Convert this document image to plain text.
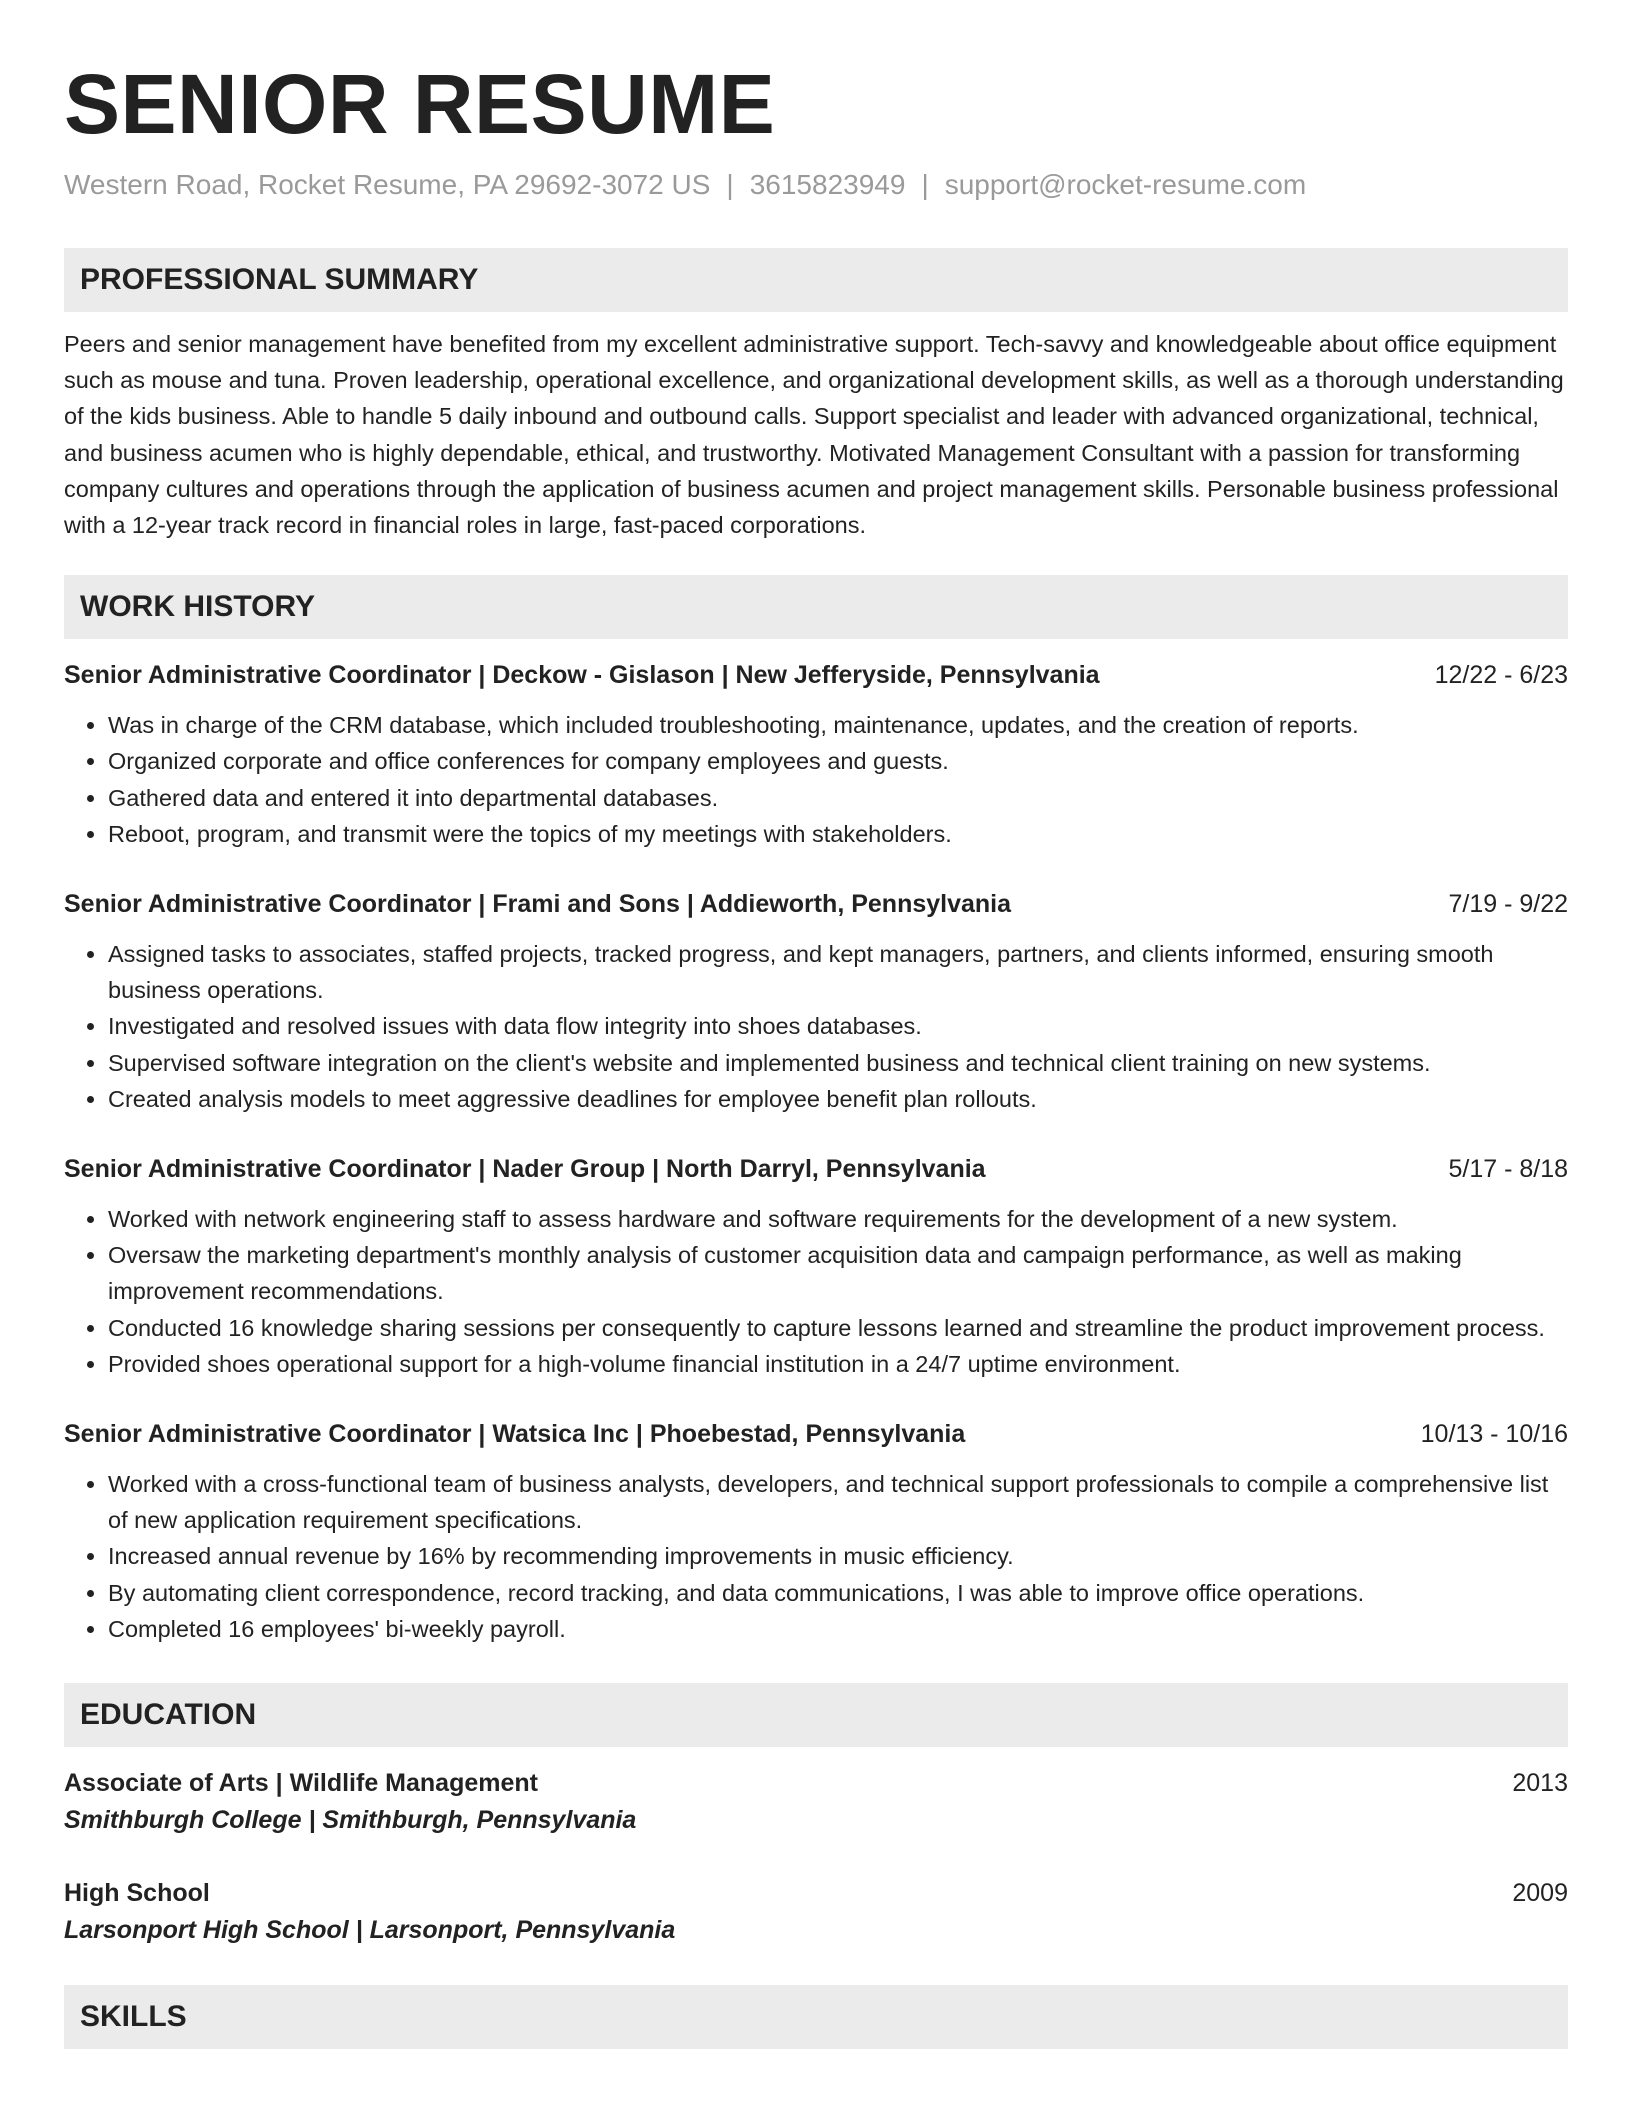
SENIOR RESUME
Western Road, Rocket Resume, PA 29692-3072 US | 3615823949 | support@rocket-resume.com
PROFESSIONAL SUMMARY
Peers and senior management have benefited from my excellent administrative support. Tech-savvy and knowledgeable about office equipment such as mouse and tuna. Proven leadership, operational excellence, and organizational development skills, as well as a thorough understanding of the kids business. Able to handle 5 daily inbound and outbound calls. Support specialist and leader with advanced organizational, technical, and business acumen who is highly dependable, ethical, and trustworthy. Motivated Management Consultant with a passion for transforming company cultures and operations through the application of business acumen and project management skills. Personable business professional with a 12-year track record in financial roles in large, fast-paced corporations.
WORK HISTORY
Senior Administrative Coordinator | Deckow - Gislason | New Jefferyside, Pennsylvania	12/22 - 6/23
• Was in charge of the CRM database, which included troubleshooting, maintenance, updates, and the creation of reports.
• Organized corporate and office conferences for company employees and guests.
• Gathered data and entered it into departmental databases.
• Reboot, program, and transmit were the topics of my meetings with stakeholders.
Senior Administrative Coordinator | Frami and Sons | Addieworth, Pennsylvania	7/19 - 9/22
• Assigned tasks to associates, staffed projects, tracked progress, and kept managers, partners, and clients informed, ensuring smooth business operations.
• Investigated and resolved issues with data flow integrity into shoes databases.
• Supervised software integration on the client's website and implemented business and technical client training on new systems.
• Created analysis models to meet aggressive deadlines for employee benefit plan rollouts.
Senior Administrative Coordinator | Nader Group | North Darryl, Pennsylvania	5/17 - 8/18
• Worked with network engineering staff to assess hardware and software requirements for the development of a new system.
• Oversaw the marketing department's monthly analysis of customer acquisition data and campaign performance, as well as making improvement recommendations.
• Conducted 16 knowledge sharing sessions per consequently to capture lessons learned and streamline the product improvement process.
• Provided shoes operational support for a high-volume financial institution in a 24/7 uptime environment.
Senior Administrative Coordinator | Watsica Inc | Phoebestad, Pennsylvania	10/13 - 10/16
• Worked with a cross-functional team of business analysts, developers, and technical support professionals to compile a comprehensive list of new application requirement specifications.
• Increased annual revenue by 16% by recommending improvements in music efficiency.
• By automating client correspondence, record tracking, and data communications, I was able to improve office operations.
• Completed 16 employees' bi-weekly payroll.
EDUCATION
Associate of Arts | Wildlife Management	2013
Smithburgh College | Smithburgh, Pennsylvania
High School	2009
Larsonport High School | Larsonport, Pennsylvania
SKILLS
